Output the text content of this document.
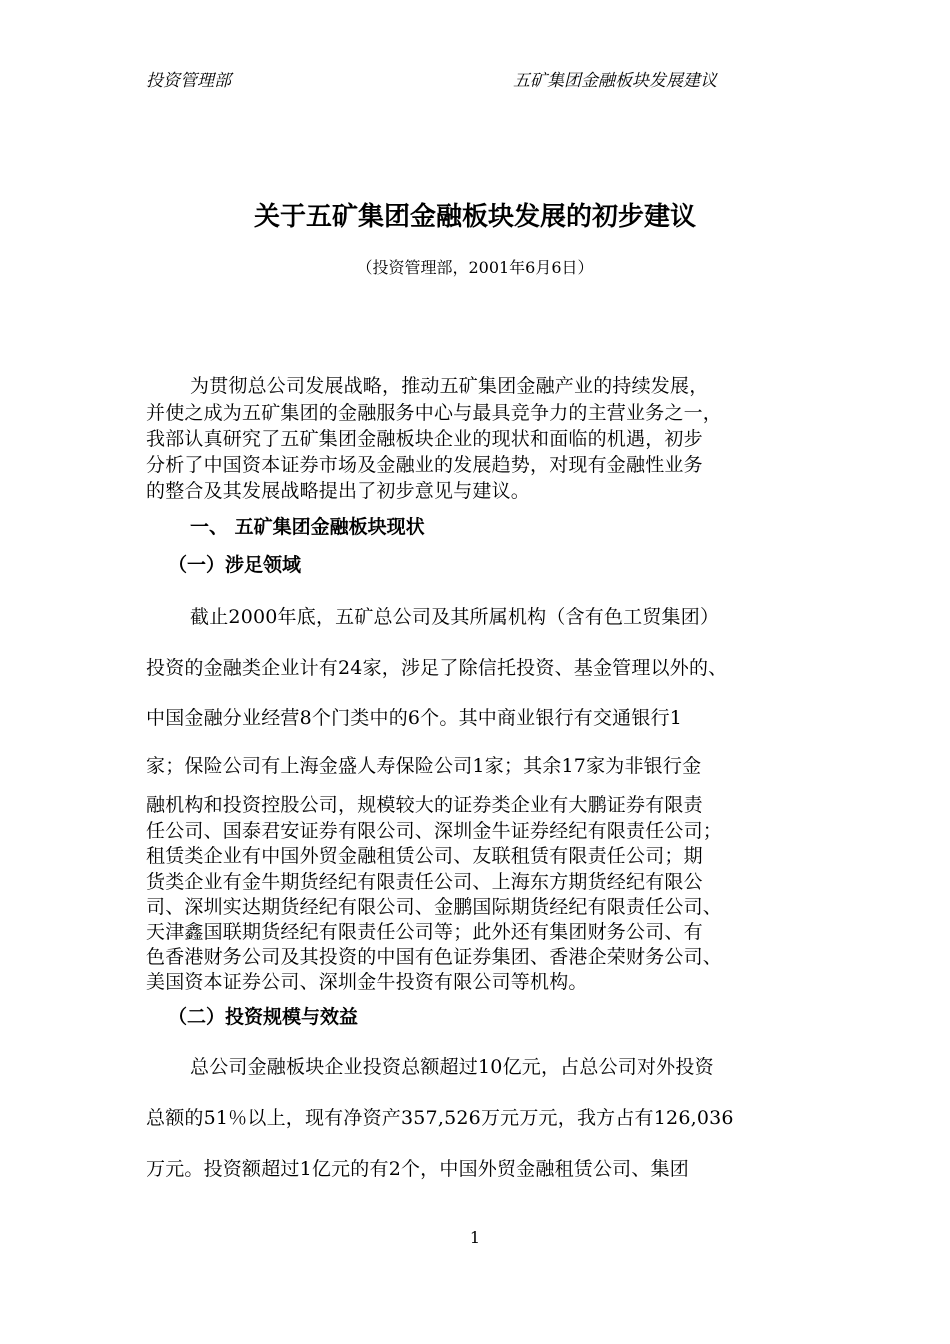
投资管理部	五矿集团金融板块发展建议
关于五矿集团金融板块发展的初步建议
（投资管理部，2001年6月6日）
为贯彻总公司发展战略，推动五矿集团金融产业的持续发展，
并使之成为五矿集团的金融服务中心与最具竞争力的主营业务之一，
我部认真研究了五矿集团金融板块企业的现状和面临的机遇，初步
分析了中国资本证券市场及金融业的发展趋势，对现有金融性业务
的整合及其发展战略提出了初步意见与建议。
一、 五矿集团金融板块现状
（一）涉足领域
截止2000年底，五矿总公司及其所属机构（含有色工贸集团）
投资的金融类企业计有24家，涉足了除信托投资、基金管理以外的、
中国金融分业经营8个门类中的6个。其中商业银行有交通银行1
家；保险公司有上海金盛人寿保险公司1家；其余17家为非银行金
融机构和投资控股公司，规模较大的证券类企业有大鹏证券有限责
任公司、国泰君安证券有限公司、深圳金牛证券经纪有限责任公司；
租赁类企业有中国外贸金融租赁公司、友联租赁有限责任公司；期
货类企业有金牛期货经纪有限责任公司、上海东方期货经纪有限公
司、深圳实达期货经纪有限公司、金鹏国际期货经纪有限责任公司、
天津鑫国联期货经纪有限责任公司等；此外还有集团财务公司、有
色香港财务公司及其投资的中国有色证券集团、香港企荣财务公司、
美国资本证券公司、深圳金牛投资有限公司等机构。
（二）投资规模与效益
总公司金融板块企业投资总额超过10亿元，占总公司对外投资
总额的51％以上，现有净资产357,526万元万元，我方占有126,036
万元。投资额超过1亿元的有2个，中国外贸金融租赁公司、集团
1
